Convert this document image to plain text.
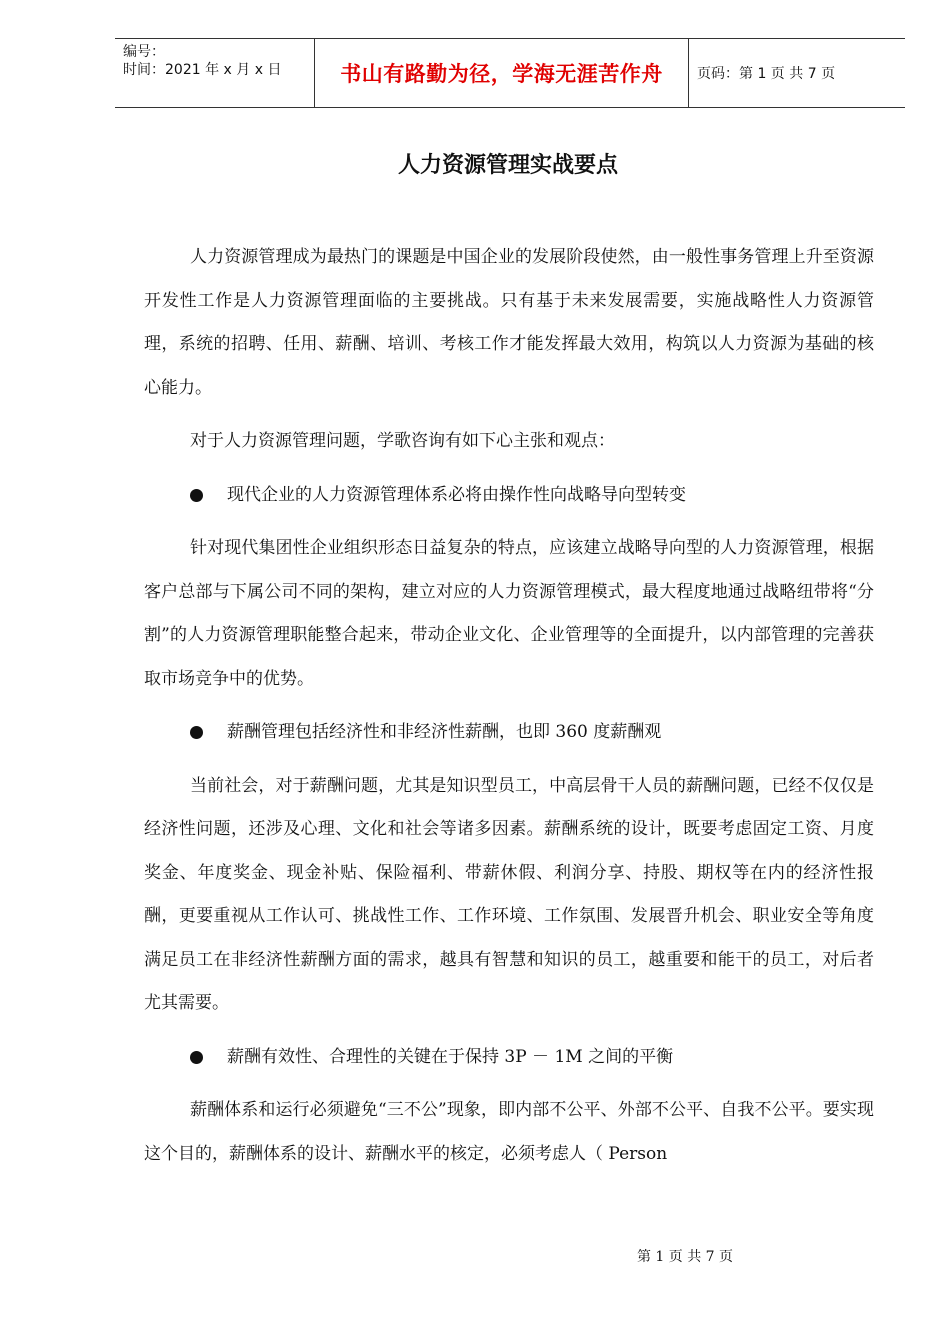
编号：
时间：2021 年 x 月 x 日	书山有路勤为径，学海无涯苦作舟	页码：第 1 页 共 7 页
人力资源管理实战要点

人力资源管理成为最热门的课题是中国企业的发展阶段使然，由一般性事务管理上升至资源开发性工作是人力资源管理面临的主要挑战。只有基于未来发展需要，实施战略性人力资源管理，系统的招聘、任用、薪酬、培训、考核工作才能发挥最大效用，构筑以人力资源为基础的核心能力。

对于人力资源管理问题，学歌咨询有如下心主张和观点：

现代企业的人力资源管理体系必将由操作性向战略导向型转变

针对现代集团性企业组织形态日益复杂的特点，应该建立战略导向型的人力资源管理，根据客户总部与下属公司不同的架构，建立对应的人力资源管理模式，最大程度地通过战略纽带将“分割”的人力资源管理职能整合起来，带动企业文化、企业管理等的全面提升，以内部管理的完善获取市场竞争中的优势。

薪酬管理包括经济性和非经济性薪酬，也即 360 度薪酬观

当前社会，对于薪酬问题，尤其是知识型员工，中高层骨干人员的薪酬问题，已经不仅仅是经济性问题，还涉及心理、文化和社会等诸多因素。薪酬系统的设计，既要考虑固定工资、月度奖金、年度奖金、现金补贴、保险福利、带薪休假、利润分享、持股、期权等在内的经济性报酬，更要重视从工作认可、挑战性工作、工作环境、工作氛围、发展晋升机会、职业安全等角度满足员工在非经济性薪酬方面的需求，越具有智慧和知识的员工，越重要和能干的员工，对后者尤其需要。

薪酬有效性、合理性的关键在于保持 3P － 1M 之间的平衡

薪酬体系和运行必须避免“三不公”现象，即内部不公平、外部不公平、自我不公平。要实现这个目的，薪酬体系的设计、薪酬水平的核定，必须考虑人（ Person

第 1 页 共 7 页
